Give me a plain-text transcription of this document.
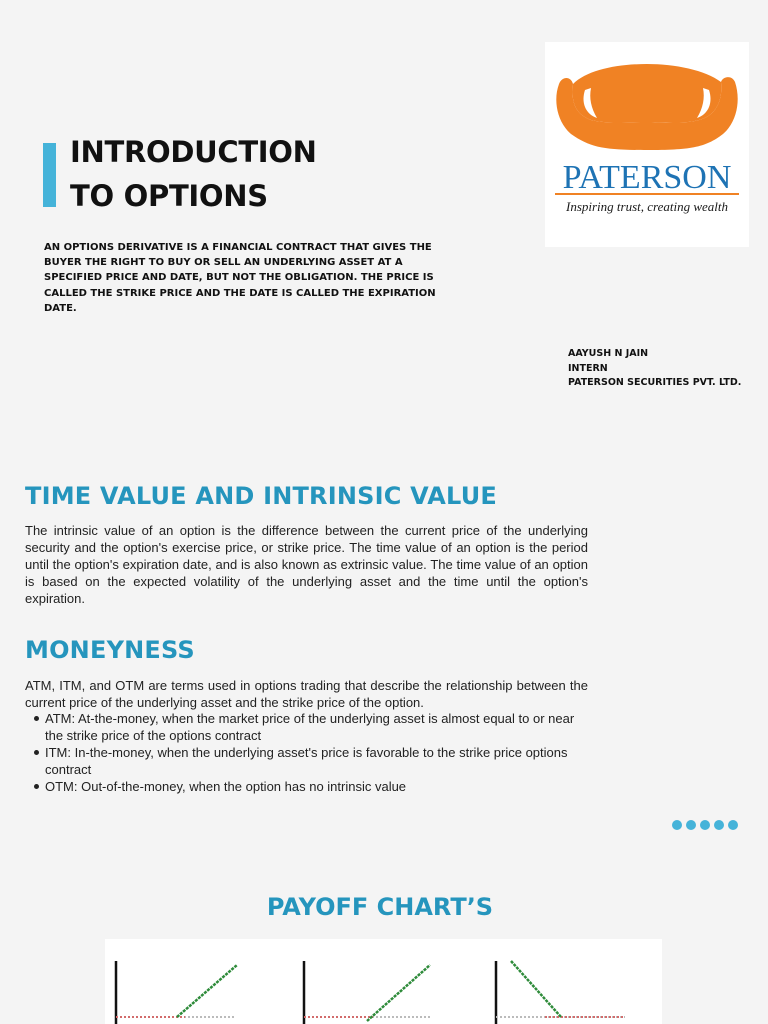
INTRODUCTION
TO OPTIONS

AN OPTIONS DERIVATIVE IS A FINANCIAL CONTRACT THAT GIVES THE BUYER THE RIGHT TO BUY OR SELL AN UNDERLYING ASSET AT A SPECIFIED PRICE AND DATE, BUT NOT THE OBLIGATION. THE PRICE IS CALLED THE STRIKE PRICE AND THE DATE IS CALLED THE EXPIRATION DATE.

PATERSON
Inspiring trust, creating wealth
AAYUSH N JAIN
INTERN
PATERSON SECURITIES PVT. LTD.
TIME VALUE AND INTRINSIC VALUE

The intrinsic value of an option is the difference between the current price of the underlying security and the option's exercise price, or strike price. The time value of an option is the period until the option's expiration date, and is also known as extrinsic value. The time value of an option is based on the expected volatility of the underlying asset and the time until the option's expiration.

MONEYNESS

ATM, ITM, and OTM are terms used in options trading that describe the relationship between the current price of the underlying asset and the strike price of the option.

ATM: At-the-money, when the market price of the underlying asset is almost equal to or near the strike price of the options contract
ITM: In-the-money, when the underlying asset's price is favorable to the strike price options contract
OTM: Out-of-the-money, when the option has no intrinsic value
PAYOFF CHART’S
